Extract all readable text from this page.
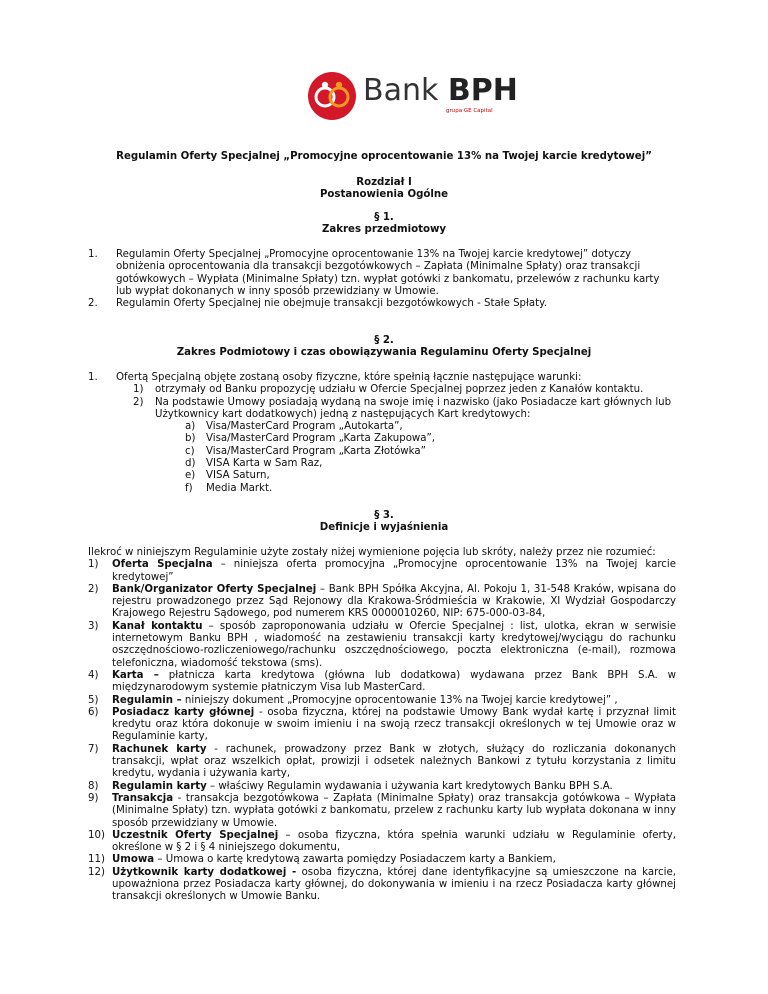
Bank BPH
grupa GE Capital
Regulamin Oferty Specjalnej „Promocyjne oprocentowanie 13% na Twojej karcie kredytowej”
Rozdział I
Postanowienia Ogólne
§ 1.
Zakres przedmiotowy
1. Regulamin Oferty Specjalnej „Promocyjne oprocentowanie 13% na Twojej karcie kredytowej” dotyczy obniżenia oprocentowania dla transakcji bezgotówkowych – Zapłata (Minimalne Spłaty) oraz transakcji gotówkowych – Wypłata (Minimalne Spłaty) tzn. wypłat gotówki z bankomatu, przelewów z rachunku karty lub wypłat dokonanych w inny sposób przewidziany w Umowie.
2. Regulamin Oferty Specjalnej nie obejmuje transakcji bezgotówkowych - Stałe Spłaty.
§ 2.
Zakres Podmiotowy i czas obowiązywania Regulaminu Oferty Specjalnej
1. Ofertą Specjalną objęte zostaną osoby fizyczne, które spełnią łącznie następujące warunki:
1) otrzymały od Banku propozycję udziału w Ofercie Specjalnej poprzez jeden z Kanałów kontaktu.
2) Na podstawie Umowy posiadają wydaną na swoje imię i nazwisko (jako Posiadacze kart głównych lub Użytkownicy kart dodatkowych) jedną z następujących Kart kredytowych:
a) Visa/MasterCard Program „Autokarta”,
b) Visa/MasterCard Program „Karta Zakupowa”,
c) Visa/MasterCard Program „Karta Złotówka”
d) VISA Karta w Sam Raz,
e) VISA Saturn,
f) Media Markt.
§ 3.
Definicje i wyjaśnienia
Ilekroć w niniejszym Regulaminie użyte zostały niżej wymienione pojęcia lub skróty, należy przez nie rozumieć:
1) Oferta Specjalna – niniejsza oferta promocyjna „Promocyjne oprocentowanie 13% na Twojej karcie kredytowej”
2) Bank/Organizator Oferty Specjalnej – Bank BPH Spółka Akcyjna, Al. Pokoju 1, 31-548 Kraków, wpisana do rejestru prowadzonego przez Sąd Rejonowy dla Krakowa-Śródmieścia w Krakowie, XI Wydział Gospodarczy Krajowego Rejestru Sądowego, pod numerem KRS 0000010260, NIP: 675-000-03-84,
3) Kanał kontaktu – sposób zaproponowania udziału w Ofercie Specjalnej : list, ulotka, ekran w serwisie internetowym Banku BPH , wiadomość na zestawieniu transakcji karty kredytowej/wyciągu do rachunku oszczędnościowo-rozliczeniowego/rachunku oszczędnościowego, poczta elektroniczna (e-mail), rozmowa telefoniczna, wiadomość tekstowa (sms).
4) Karta – płatnicza karta kredytowa (główna lub dodatkowa) wydawana przez Bank BPH S.A. w międzynarodowym systemie płatniczym Visa lub MasterCard.
5) Regulamin – niniejszy dokument „Promocyjne oprocentowanie 13% na Twojej karcie kredytowej” ,
6) Posiadacz karty głównej - osoba fizyczna, której na podstawie Umowy Bank wydał kartę i przyznał limit kredytu oraz która dokonuje w swoim imieniu i na swoją rzecz transakcji określonych w tej Umowie oraz w Regulaminie karty,
7) Rachunek karty - rachunek, prowadzony przez Bank w złotych, służący do rozliczania dokonanych transakcji, wpłat oraz wszelkich opłat, prowizji i odsetek należnych Bankowi z tytułu korzystania z limitu kredytu, wydania i używania karty,
8) Regulamin karty – właściwy Regulamin wydawania i używania kart kredytowych Banku BPH S.A.
9) Transakcja - transakcja bezgotówkowa – Zapłata (Minimalne Spłaty) oraz transakcja gotówkowa – Wypłata (Minimalne Spłaty) tzn. wypłata gotówki z bankomatu, przelew z rachunku karty lub wypłata dokonana w inny sposób przewidziany w Umowie.
10) Uczestnik Oferty Specjalnej – osoba fizyczna, która spełnia warunki udziału w Regulaminie oferty, określone w § 2 i § 4 niniejszego dokumentu,
11) Umowa – Umowa o kartę kredytową zawarta pomiędzy Posiadaczem karty a Bankiem,
12) Użytkownik karty dodatkowej - osoba fizyczna, której dane identyfikacyjne są umieszczone na karcie, upoważniona przez Posiadacza karty głównej, do dokonywania w imieniu i na rzecz Posiadacza karty głównej transakcji określonych w Umowie Banku.
